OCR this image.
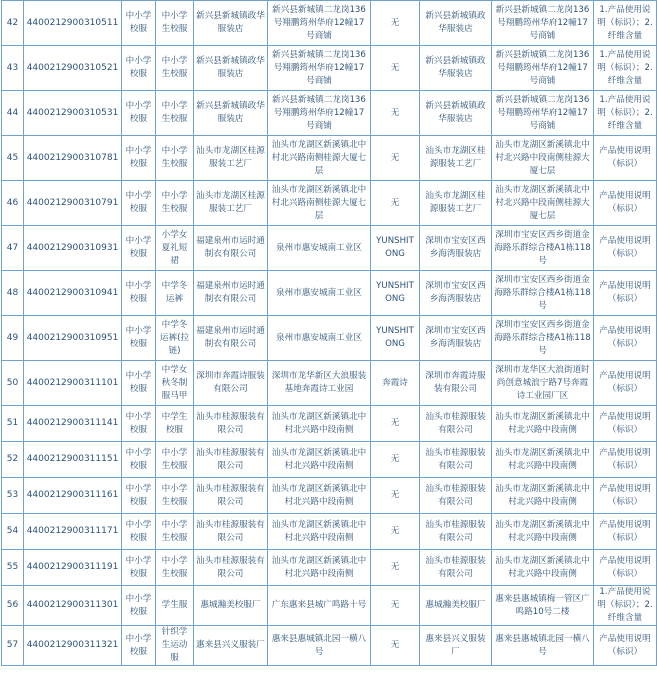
42	4400212900310511	中小学校服	中小学生校服	新兴县新城镇政华服装店	新兴县新城镇二龙岗136号翔鹏筠州华府12幢17号商铺	无	新兴县新城镇政华服装店	新兴县新城镇二龙岗136号翔鹏筠州华府12幢17号商铺	1.产品使用说明（标识）；2.纤维含量
43	4400212900310521	中小学校服	中小学生校服	新兴县新城镇政华服装店	新兴县新城镇二龙岗136号翔鹏筠州华府12幢17号商铺	无	新兴县新城镇政华服装店	新兴县新城镇二龙岗136号翔鹏筠州华府12幢17号商铺	1.产品使用说明（标识）；2.纤维含量
44	4400212900310531	中小学校服	中小学生校服	新兴县新城镇政华服装店	新兴县新城镇二龙岗136号翔鹏筠州华府12幢17号商铺	无	新兴县新城镇政华服装店	新兴县新城镇二龙岗136号翔鹏筠州华府12幢17号商铺	1.产品使用说明（标识）；2.纤维含量
45	4400212900310781	中小学校服	中小学生校服	汕头市龙湖区桂源服装工艺厂	汕头市龙湖区新溪镇北中村北兴路南侧桂源大厦七层	无	汕头市龙湖区桂源服装工艺厂	汕头市龙湖区新溪镇北中村北兴路中段南侧桂源大厦七层	产品使用说明（标识）
46	4400212900310791	中小学校服	中小学生校服	汕头市龙湖区桂源服装工艺厂	汕头市龙湖区新溪镇北中村北兴路南侧桂源大厦七层	无	汕头市龙湖区桂源服装工艺厂	汕头市龙湖区新溪镇北中村北兴路中段南侧桂源大厦七层	产品使用说明（标识）
47	4400212900310931	中小学校服	小学女夏礼短裙	福建泉州市运时通制衣有限公司	泉州市惠安城南工业区	YUNSHITONG	深圳市宝安区西乡海湾服装店	深圳市宝安区西乡街道金海路乐群综合楼A1栋118号	产品使用说明（标识）
48	4400212900310941	中小学校服	中学冬运裤	福建泉州市运时通制衣有限公司	泉州市惠安城南工业区	YUNSHITONG	深圳市宝安区西乡海湾服装店	深圳市宝安区西乡街道金海路乐群综合楼A1栋118号	产品使用说明（标识）
49	4400212900310951	中小学校服	中学冬运裤(拉链)	福建泉州市运时通制衣有限公司	泉州市惠安城南工业区	YUNSHITONG	深圳市宝安区西乡海湾服装店	深圳市宝安区西乡街道金海路乐群综合楼A1栋118号	产品使用说明（标识）
50	4400212900311101	中小学校服	中学女秋冬制服马甲	深圳市奔霞诗服装有限公司	深圳市龙华新区大浪服装基地奔霞诗工业园	奔霞诗	深圳市奔霞诗服装有限公司	深圳市龙华区大浪街道时尚创意城浪宁路7号奔霞诗工业园厂区	产品使用说明（标识）
51	4400212900311141	中小学校服	中学生校服	汕头市桂源服装有限公司	汕头市龙湖区新溪镇北中村北兴路中段南侧	无	汕头市桂源服装有限公司	汕头市龙湖区新溪镇北中村北兴路中段南侧	产品使用说明（标识）
52	4400212900311151	中小学校服	中小学生校服	汕头市桂源服装有限公司	汕头市龙湖区新溪镇北中村北兴路中段南侧	无	汕头市桂源服装有限公司	汕头市龙湖区新溪镇北中村北兴路中段南侧	产品使用说明（标识）
53	4400212900311161	中小学校服	中小学生校服	汕头市桂源服装有限公司	汕头市龙湖区新溪镇北中村北兴路中段南侧	无	汕头市桂源服装有限公司	汕头市龙湖区新溪镇北中村北兴路中段南侧	产品使用说明（标识）
54	4400212900311171	中小学校服	中小学生校服	汕头市桂源服装有限公司	汕头市龙湖区新溪镇北中村北兴路中段南侧	无	汕头市桂源服装有限公司	汕头市龙湖区新溪镇北中村北兴路中段南侧	产品使用说明（标识）
55	4400212900311191	中小学校服	中小学生校服	汕头市桂源服装有限公司	汕头市龙湖区新溪镇北中村北兴路中段南侧	无	汕头市桂源服装有限公司	汕头市龙湖区新溪镇北中村北兴路中段南侧	产品使用说明（标识）
56	4400212900311301	中小学校服	学生服	惠城瀚美校服厂	广东惠来县城广鸣路十号	无	惠城瀚美校服厂	惠来县惠城镇梅一管区广鸣路10号二楼	1.产品使用说明（标识）；2.纤维含量
57	4400212900311321	中小学校服	针织学生运动服	惠来县兴义服装厂	惠来县惠城镇北园一横八号	无	惠来县兴义服装厂	惠来县惠城镇北园一横八号	产品使用说明（标识）
